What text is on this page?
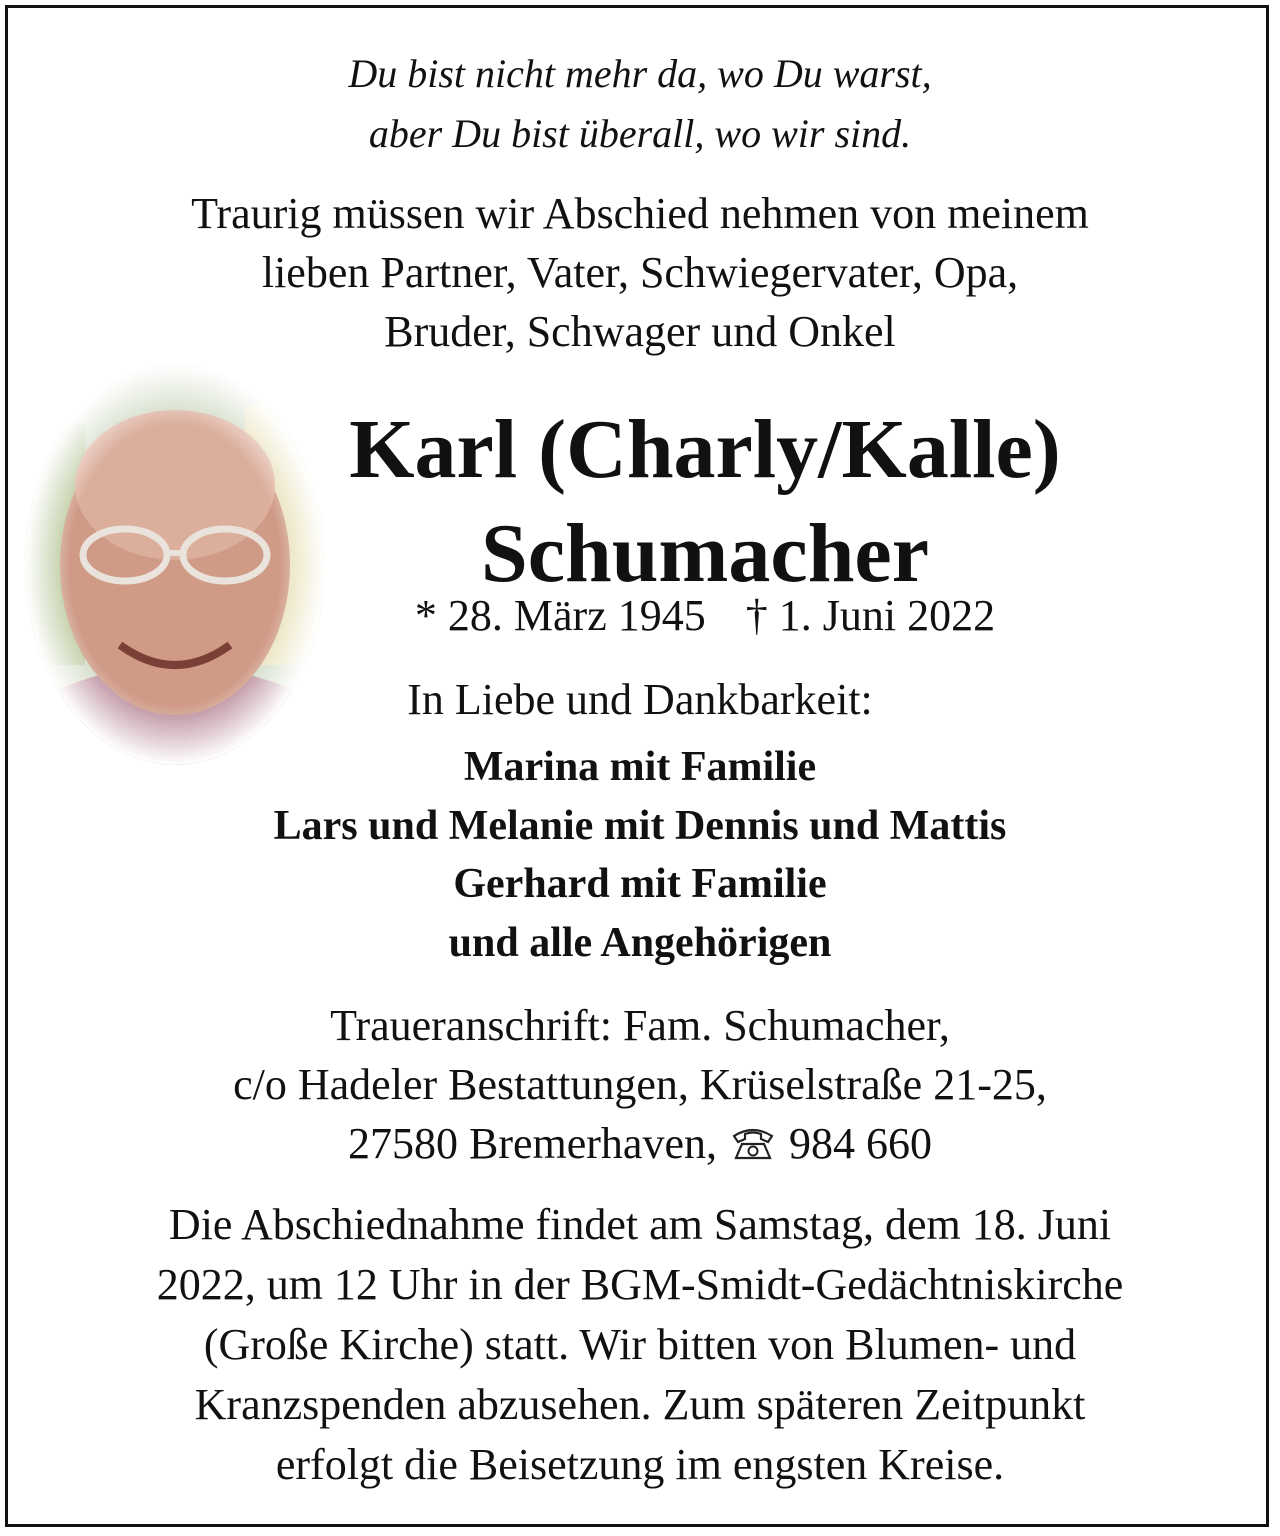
Du bist nicht mehr da, wo Du warst,
aber Du bist überall, wo wir sind.
Traurig müssen wir Abschied nehmen von meinem
lieben Partner, Vater, Schwiegervater, Opa,
Bruder, Schwager und Onkel
Karl (Charly/Kalle)
Schumacher
* 28. März 1945 † 1. Juni 2022
In Liebe und Dankbarkeit:
Marina mit Familie
Lars und Melanie mit Dennis und Mattis
Gerhard mit Familie
und alle Angehörigen
Traueranschrift: Fam. Schumacher,
c/o Hadeler Bestattungen, Krüselstraße 21-25,
27580 Bremerhaven, 984 660
Die Abschiednahme findet am Samstag, dem 18. Juni
2022, um 12 Uhr in der BGM-Smidt-Gedächtniskirche
(Große Kirche) statt. Wir bitten von Blumen- und
Kranzspenden abzusehen. Zum späteren Zeitpunkt
erfolgt die Beisetzung im engsten Kreise.
